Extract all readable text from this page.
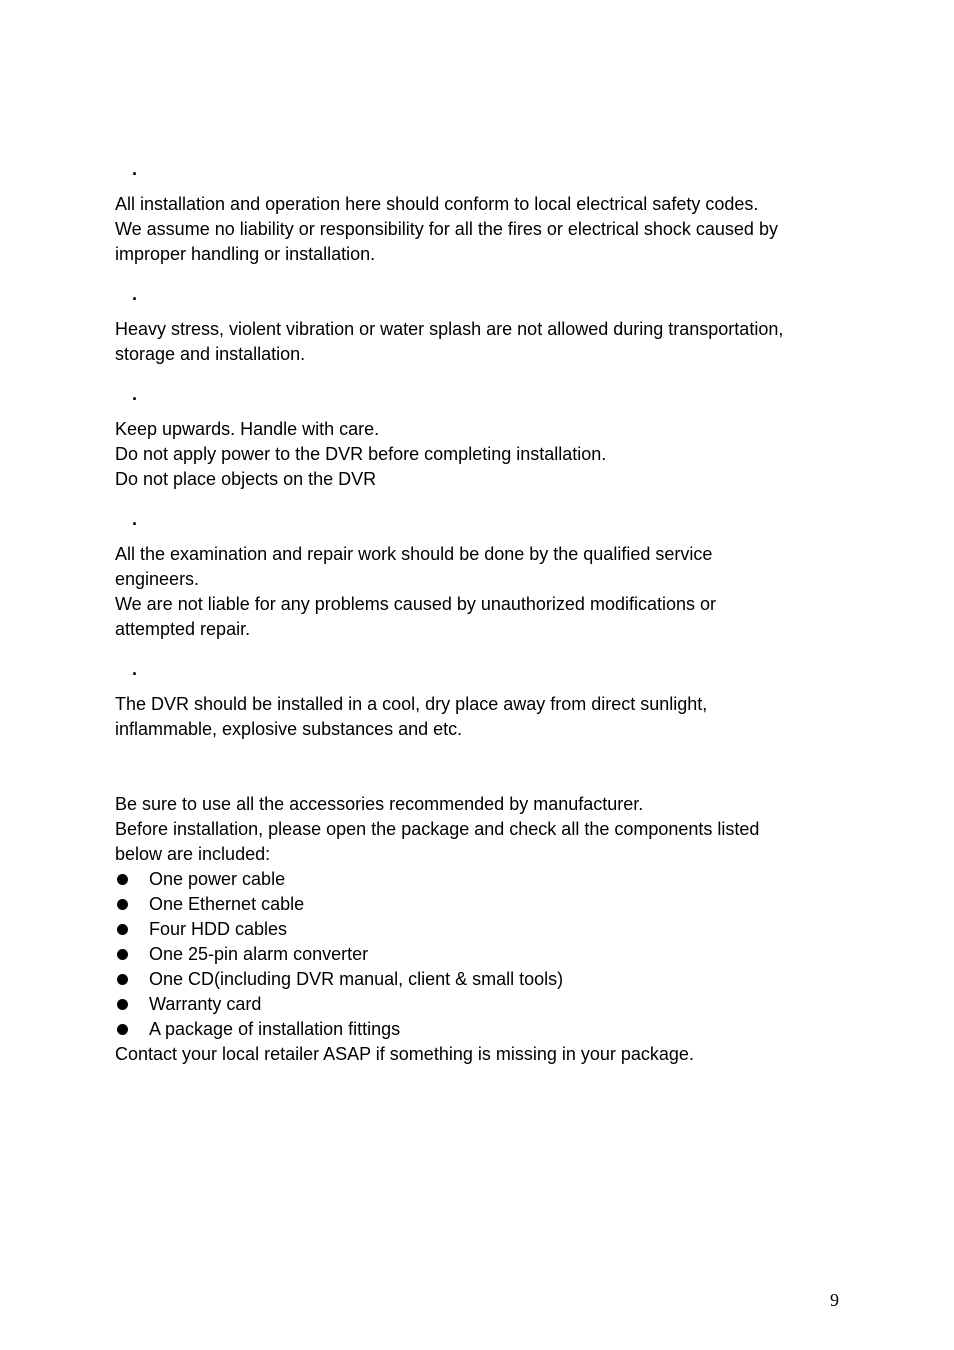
.

All installation and operation here should conform to local electrical safety codes.
We assume no liability or responsibility for all the fires or electrical shock caused by
improper handling or installation.

.

Heavy stress, violent vibration or water splash are not allowed during transportation,
storage and installation.

.

Keep upwards. Handle with care.
Do not apply power to the DVR before completing installation.
Do not place objects on the DVR

.

All the examination and repair work should be done by the qualified service
engineers.
We are not liable for any problems caused by unauthorized modifications or
attempted repair.

.

The DVR should be installed in a cool, dry place away from direct sunlight,
inflammable, explosive substances and etc.

Be sure to use all the accessories recommended by manufacturer.
Before installation, please open the package and check all the components listed
below are included:

One power cable
One Ethernet cable
Four HDD cables
One 25-pin alarm converter
One CD(including DVR manual, client & small tools)
Warranty card
A package of installation fittings

Contact your local retailer ASAP if something is missing in your package.

9
